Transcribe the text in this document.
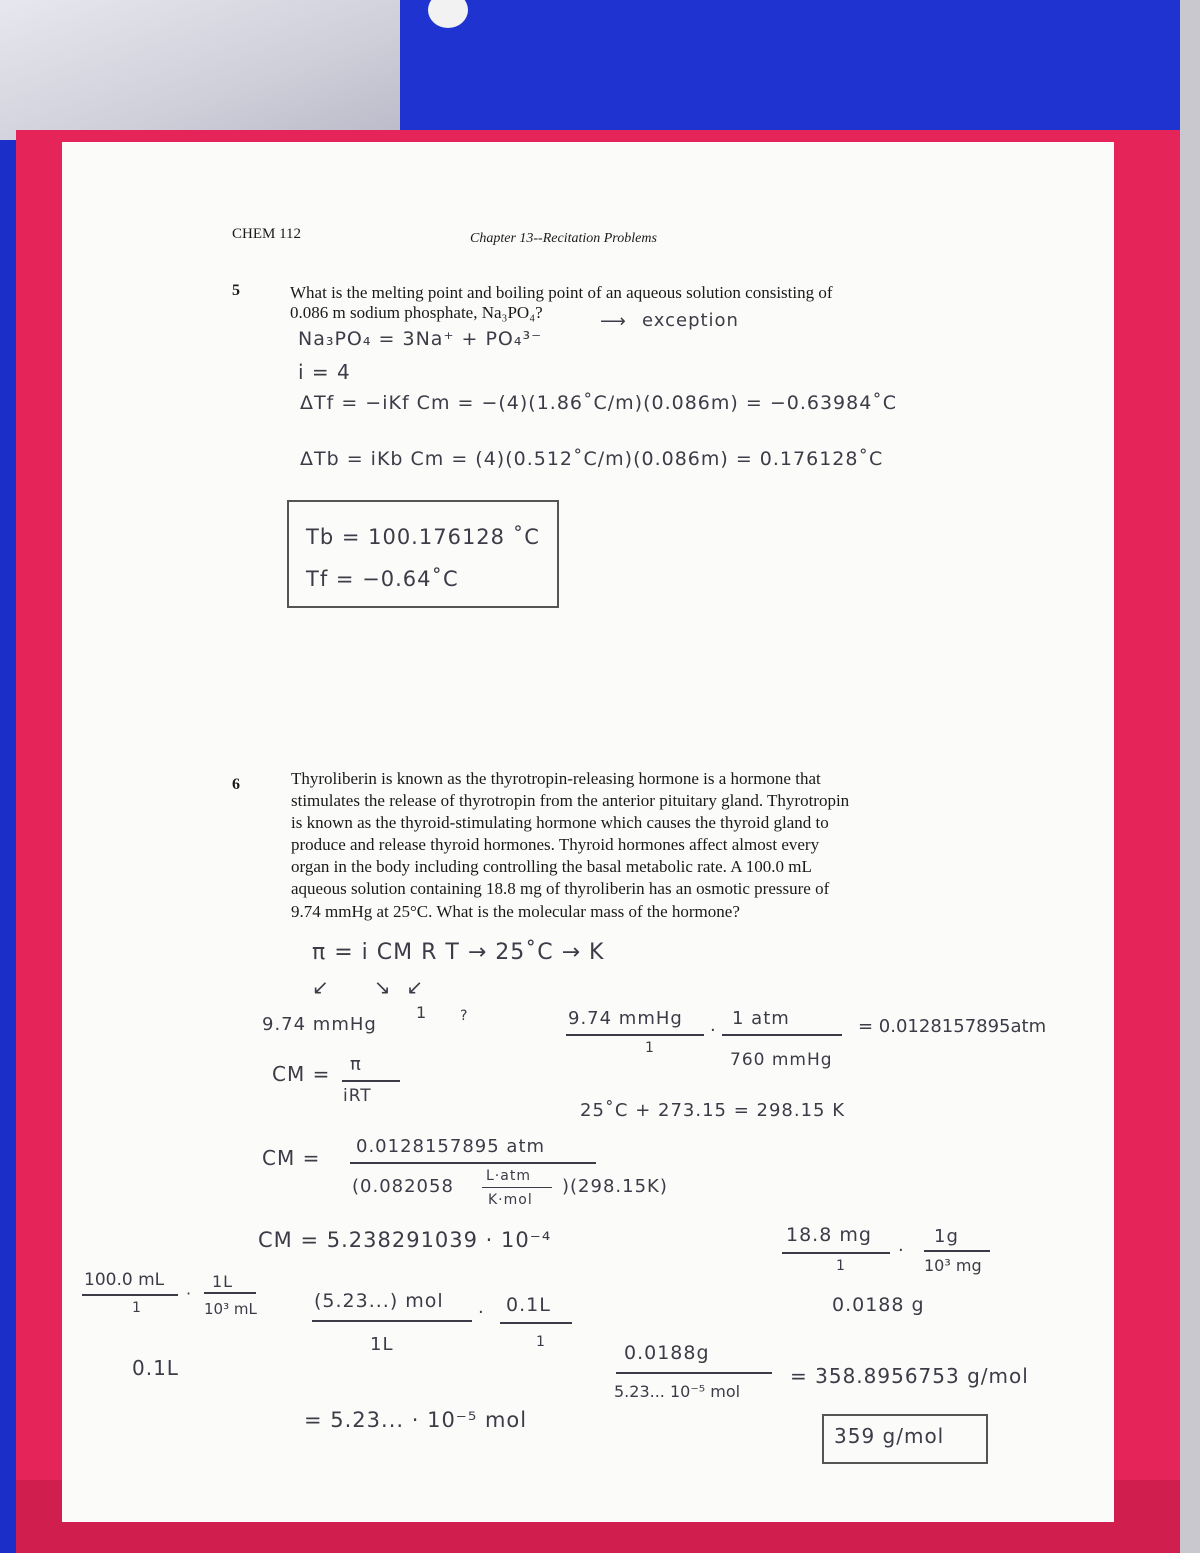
CHEM 112	Chapter 13--Recitation Problems
5	What is the melting point and boiling point of an aqueous solution consisting of
0.086 m sodium phosphate, Na₃PO₄?	⟶ exception
Na₃PO₄ = 3Na⁺ + PO₄³⁻
i = 4
ΔTf = −iKf Cm = −(4)(1.86˚C/m)(0.086m) = −0.63984˚C
ΔTb = iKb Cm = (4)(0.512˚C/m)(0.086m) = 0.176128˚C
Tb = 100.176128 ˚C
Tf = −0.64˚C
6	Thyroliberin is known as the thyrotropin-releasing hormone is a hormone that
stimulates the release of thyrotropin from the anterior pituitary gland. Thyrotropin
is known as the thyroid-stimulating hormone which causes the thyroid gland to
produce and release thyroid hormones. Thyroid hormones affect almost every
organ in the body including controlling the basal metabolic rate. A 100.0 mL
aqueous solution containing 18.8 mg of thyroliberin has an osmotic pressure of
9.74 mmHg at 25°C. What is the molecular mass of the hormone?
π = i CM R T → 25˚C → K
↙      ↘  ↙
9.74 mmHg
1 ?
CM = π
iRT
9.74 mmHg
1
·
1 atm
760 mmHg
= 0.0128157895atm
25˚C + 273.15 = 298.15 K
CM = 0.0128157895 atm
(0.082058 L·atm
K·mol
)(298.15K)
CM = 5.238291039 · 10⁻⁴
100.0 mL
1
·
1L
10³ mL
0.1L
(5.23...) mol
1L
· 0.1L
1
= 5.23... · 10⁻⁵ mol
18.8 mg
1
·
1g
10³ mg
0.0188 g
0.0188g
5.23... 10⁻⁵ mol
= 358.8956753 g/mol
359 g/mol
